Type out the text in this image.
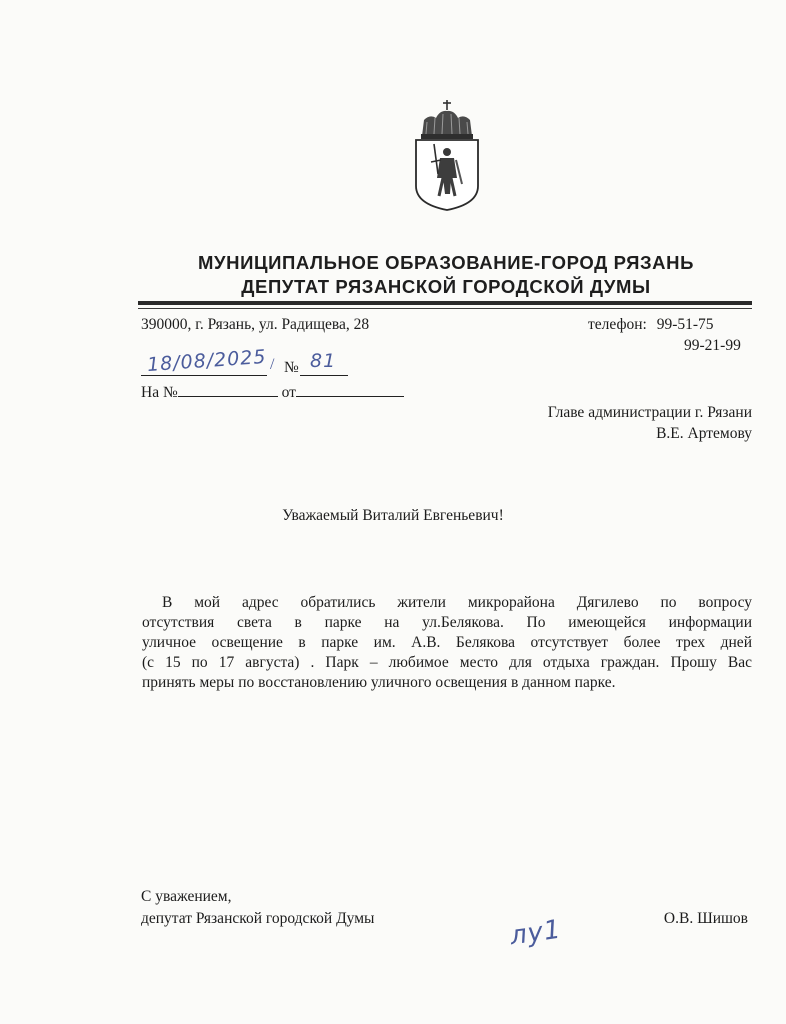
МУНИЦИПАЛЬНОЕ ОБРАЗОВАНИЕ-ГОРОД РЯЗАНЬ
ДЕПУТАТ РЯЗАНСКОЙ ГОРОДСКОЙ ДУМЫ
390000, г. Рязань, ул. Радищева, 28	телефон: 99-51-75
99-21-99
18/08/2025 / № 81
На №	от
Главе администрации г. Рязани
В.Е. Артемову
Уважаемый Виталий Евгеньевич!
В мой адрес обратились жители микрорайона Дягилево по вопросу
отсутствия света в парке на ул.Белякова. По имеющейся информации
уличное освещение в парке им. А.В. Белякова отсутствует более трех дней
(с 15 по 17 августа) . Парк – любимое место для отдыха граждан. Прошу Вас
принять меры по восстановлению уличного освещения в данном парке.
С уважением,
депутат Рязанской городской Думы	лу1	О.В. Шишов
